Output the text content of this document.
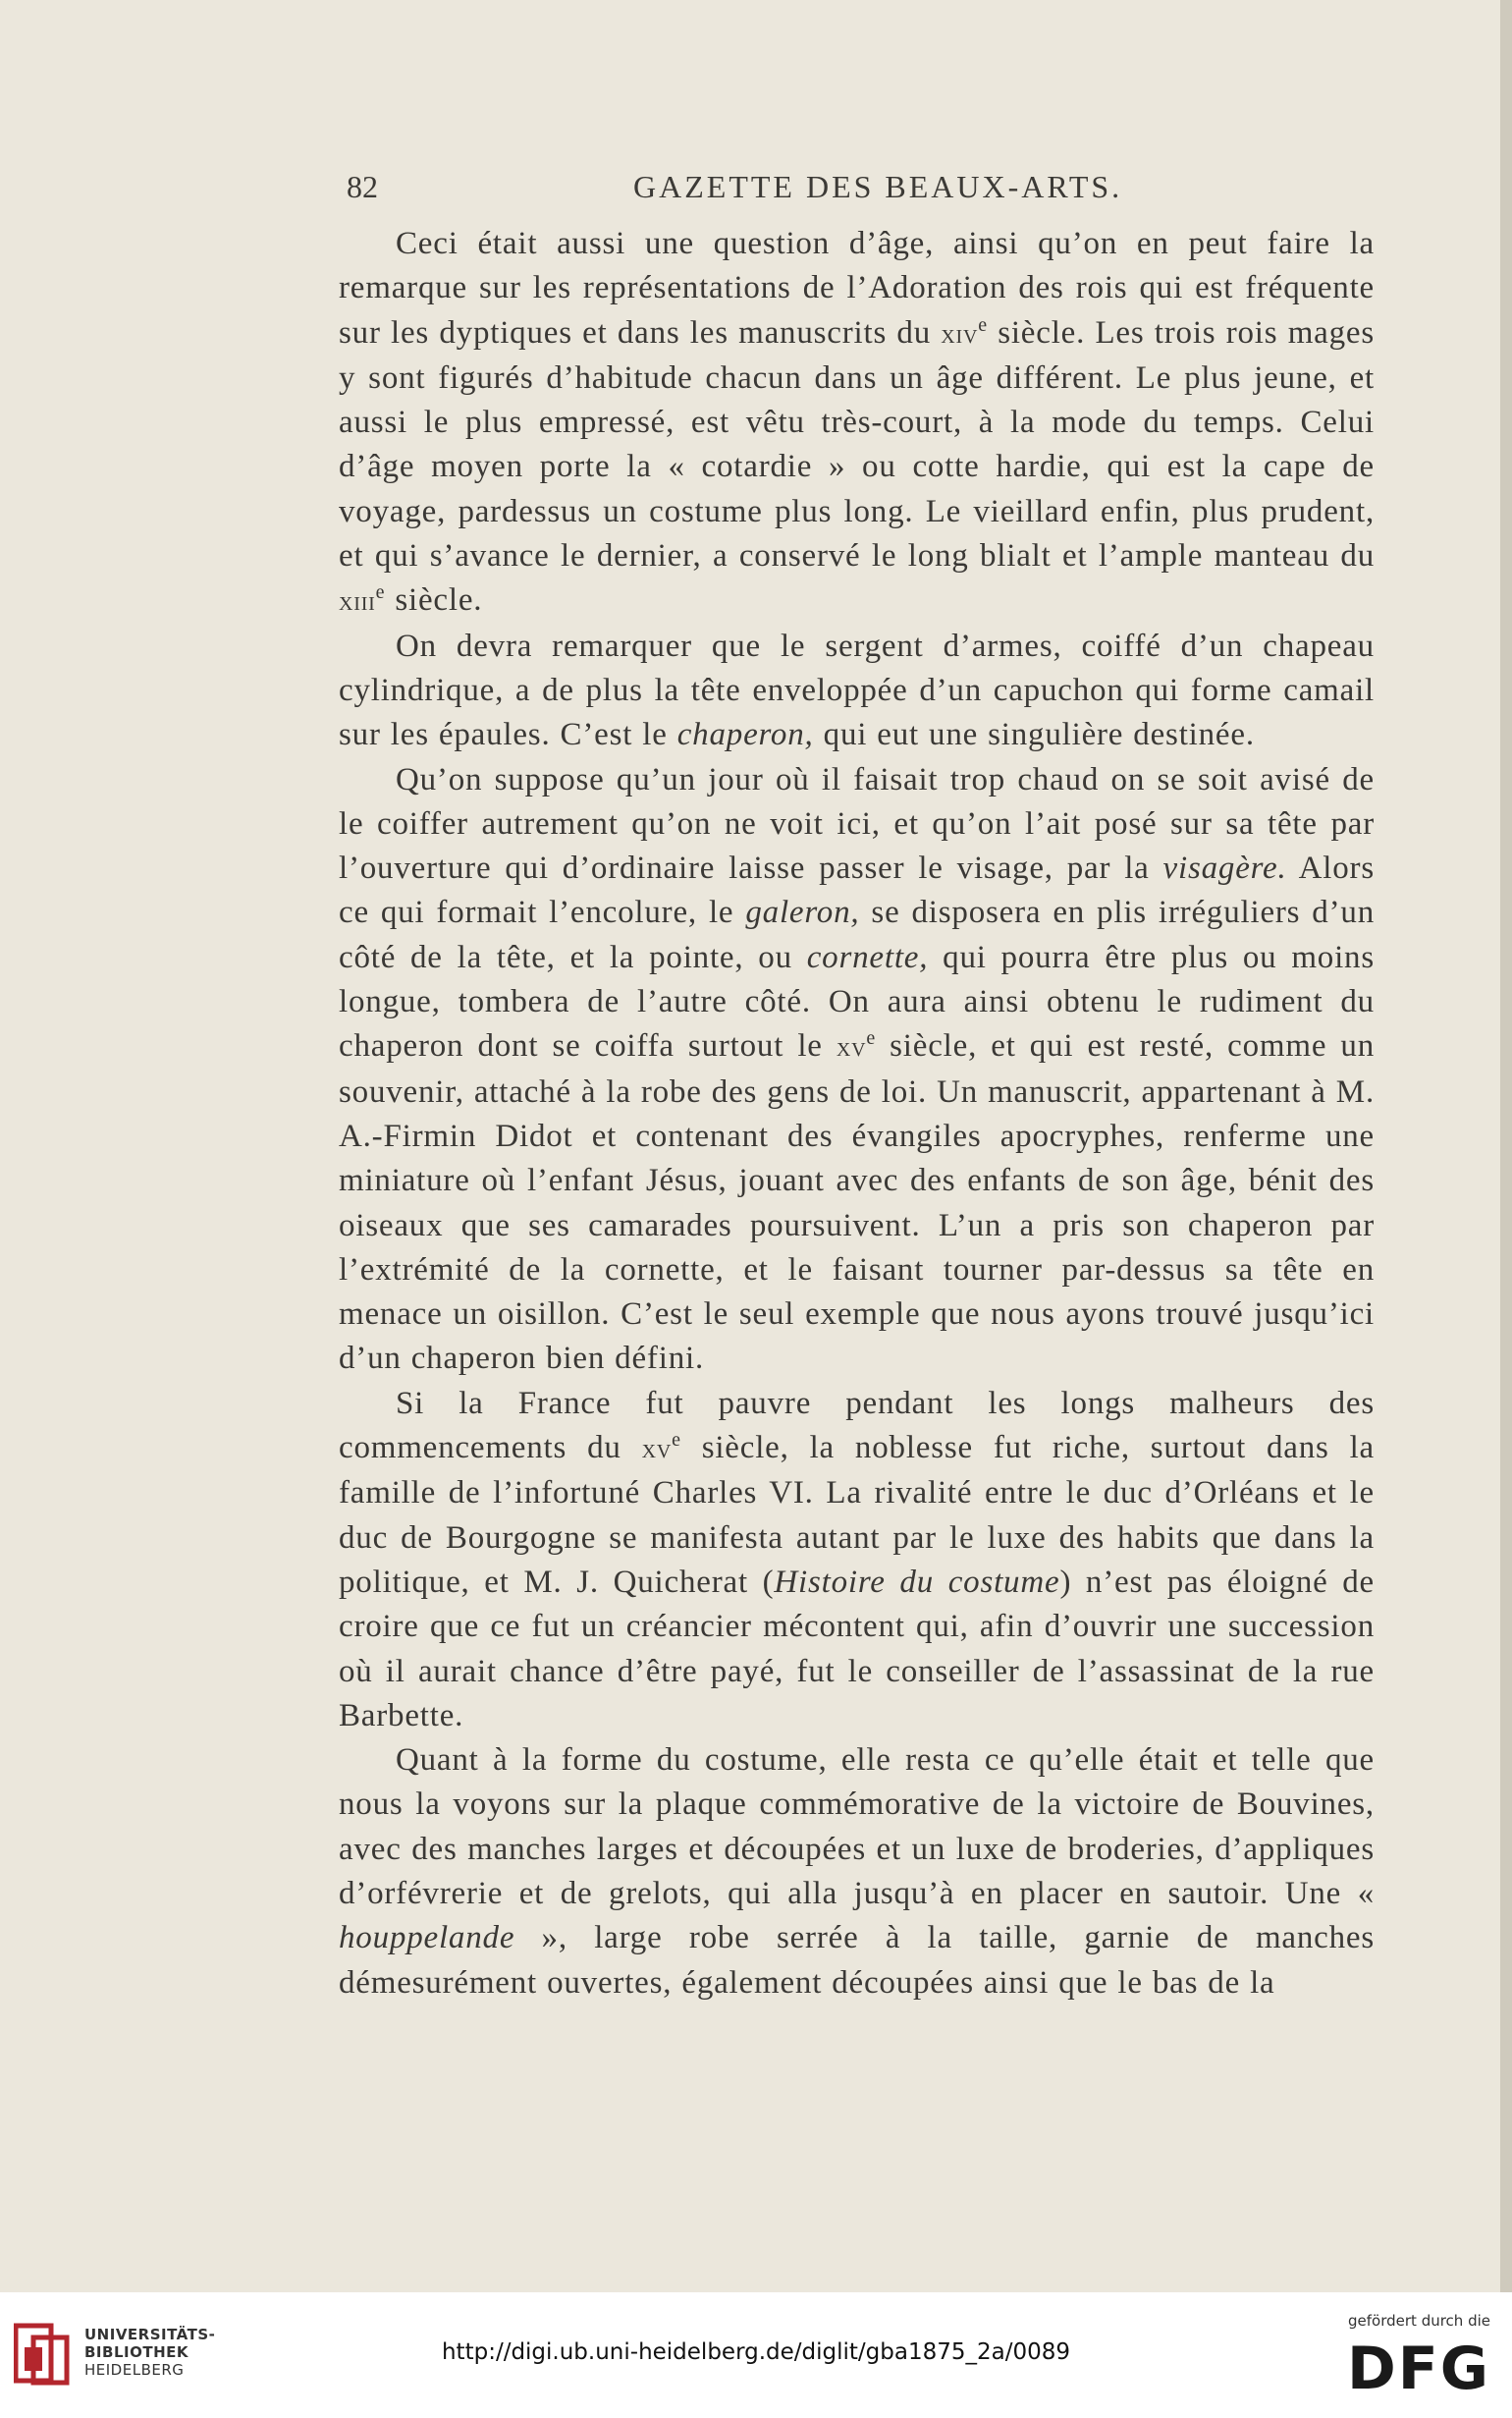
82	GAZETTE DES BEAUX-ARTS.

Ceci était aussi une question d’âge, ainsi qu’on en peut faire la remarque sur les représentations de l’Adoration des rois qui est fréquente sur les dyptiques et dans les manuscrits du xiv$^e$ siècle. Les trois rois mages y sont figurés d’habitude chacun dans un âge différent. Le plus jeune, et aussi le plus empressé, est vêtu très-court, à la mode du temps. Celui d’âge moyen porte la « cotardie » ou cotte hardie, qui est la cape de voyage, pardessus un costume plus long. Le vieillard enfin, plus prudent, et qui s’avance le dernier, a conservé le long blialt et l’ample manteau du xiii$^e$ siècle.

On devra remarquer que le sergent d’armes, coiffé d’un chapeau cylindrique, a de plus la tête enveloppée d’un capuchon qui forme camail sur les épaules. C’est le chaperon, qui eut une singulière destinée.

Qu’on suppose qu’un jour où il faisait trop chaud on se soit avisé de le coiffer autrement qu’on ne voit ici, et qu’on l’ait posé sur sa tête par l’ouverture qui d’ordinaire laisse passer le visage, par la visagère. Alors ce qui formait l’encolure, le galeron, se disposera en plis irréguliers d’un côté de la tête, et la pointe, ou cornette, qui pourra être plus ou moins longue, tombera de l’autre côté. On aura ainsi obtenu le rudiment du chaperon dont se coiffa surtout le $xv^e$ siècle, et qui est resté, comme un souvenir, attaché à la robe des gens de loi. Un manuscrit, appartenant à M. A.-Firmin Didot et contenant des évangiles apocryphes, renferme une miniature où l’enfant Jésus, jouant avec des enfants de son âge, bénit des oiseaux que ses camarades poursuivent. L’un a pris son chaperon par l’extrémité de la cornette, et le faisant tourner par-dessus sa tête en menace un oisillon. C’est le seul exemple que nous ayons trouvé jusqu’ici d’un chaperon bien défini.

Si la France fut pauvre pendant les longs malheurs des commencements du $xv^e$ siècle, la noblesse fut riche, surtout dans la famille de l’infortuné Charles VI. La rivalité entre le duc d’Orléans et le duc de Bourgogne se manifesta autant par le luxe des habits que dans la politique, et M. J. Quicherat (Histoire du costume) n’est pas éloigné de croire que ce fut un créancier mécontent qui, afin d’ouvrir une succession où il aurait chance d’être payé, fut le conseiller de l’assassinat de la rue Barbette.

Quant à la forme du costume, elle resta ce qu’elle était et telle que nous la voyons sur la plaque commémorative de la victoire de Bouvines, avec des manches larges et découpées et un luxe de broderies, d’appliques d’orfévrerie et de grelots, qui alla jusqu’à en placer en sautoir. Une « houppelande », large robe serrée à la taille, garnie de manches démesurément ouvertes, également découpées ainsi que le bas de la

UNIVERSITÄTS-
BIBLIOTHEK
HEIDELBERG
http://digi.ub.uni-heidelberg.de/diglit/gba1875_2a/0089
gefördert durch die
DFG
